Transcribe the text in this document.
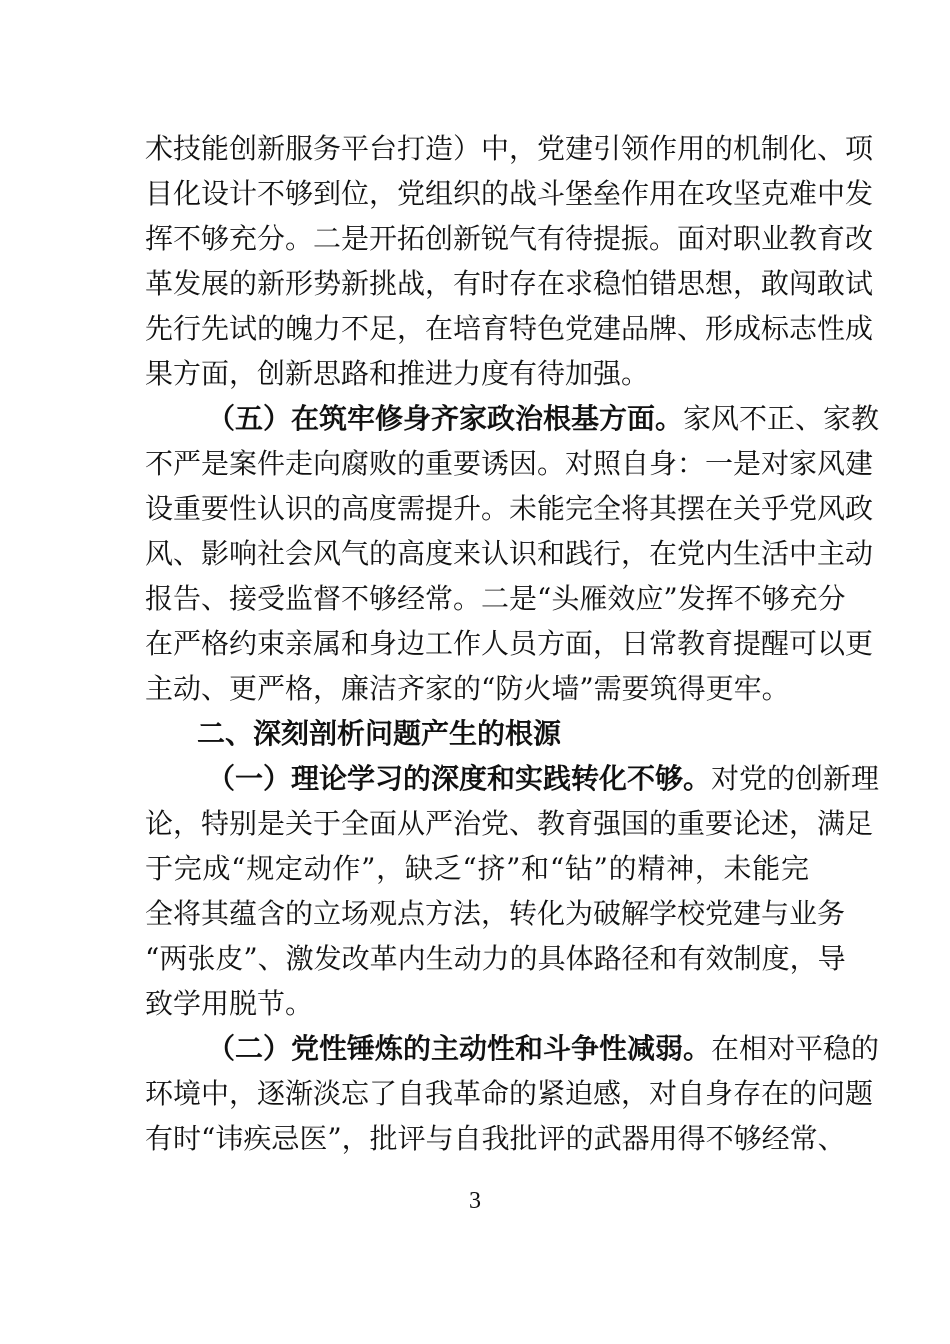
术技能创新服务平台打造）中，党建引领作用的机制化、项
目化设计不够到位，党组织的战斗堡垒作用在攻坚克难中发
挥不够充分。二是开拓创新锐气有待提振。面对职业教育改
革发展的新形势新挑战，有时存在求稳怕错思想，敢闯敢试
先行先试的魄力不足，在培育特色党建品牌、形成标志性成
果方面，创新思路和推进力度有待加强。
（五）在筑牢修身齐家政治根基方面。家风不正、家教
不严是案件走向腐败的重要诱因。对照自身：一是对家风建
设重要性认识的高度需提升。未能完全将其摆在关乎党风政
风、影响社会风气的高度来认识和践行，在党内生活中主动
报告、接受监督不够经常。二是“头雁效应”发挥不够充分
在严格约束亲属和身边工作人员方面，日常教育提醒可以更
主动、更严格，廉洁齐家的“防火墙”需要筑得更牢。
二、深刻剖析问题产生的根源
（一）理论学习的深度和实践转化不够。对党的创新理
论，特别是关于全面从严治党、教育强国的重要论述，满足
于完成“规定动作”，缺乏“挤”和“钻”的精神，未能完
全将其蕴含的立场观点方法，转化为破解学校党建与业务
“两张皮”、激发改革内生动力的具体路径和有效制度，导
致学用脱节。
（二）党性锤炼的主动性和斗争性减弱。在相对平稳的
环境中，逐渐淡忘了自我革命的紧迫感，对自身存在的问题
有时“讳疾忌医”，批评与自我批评的武器用得不够经常、
3
